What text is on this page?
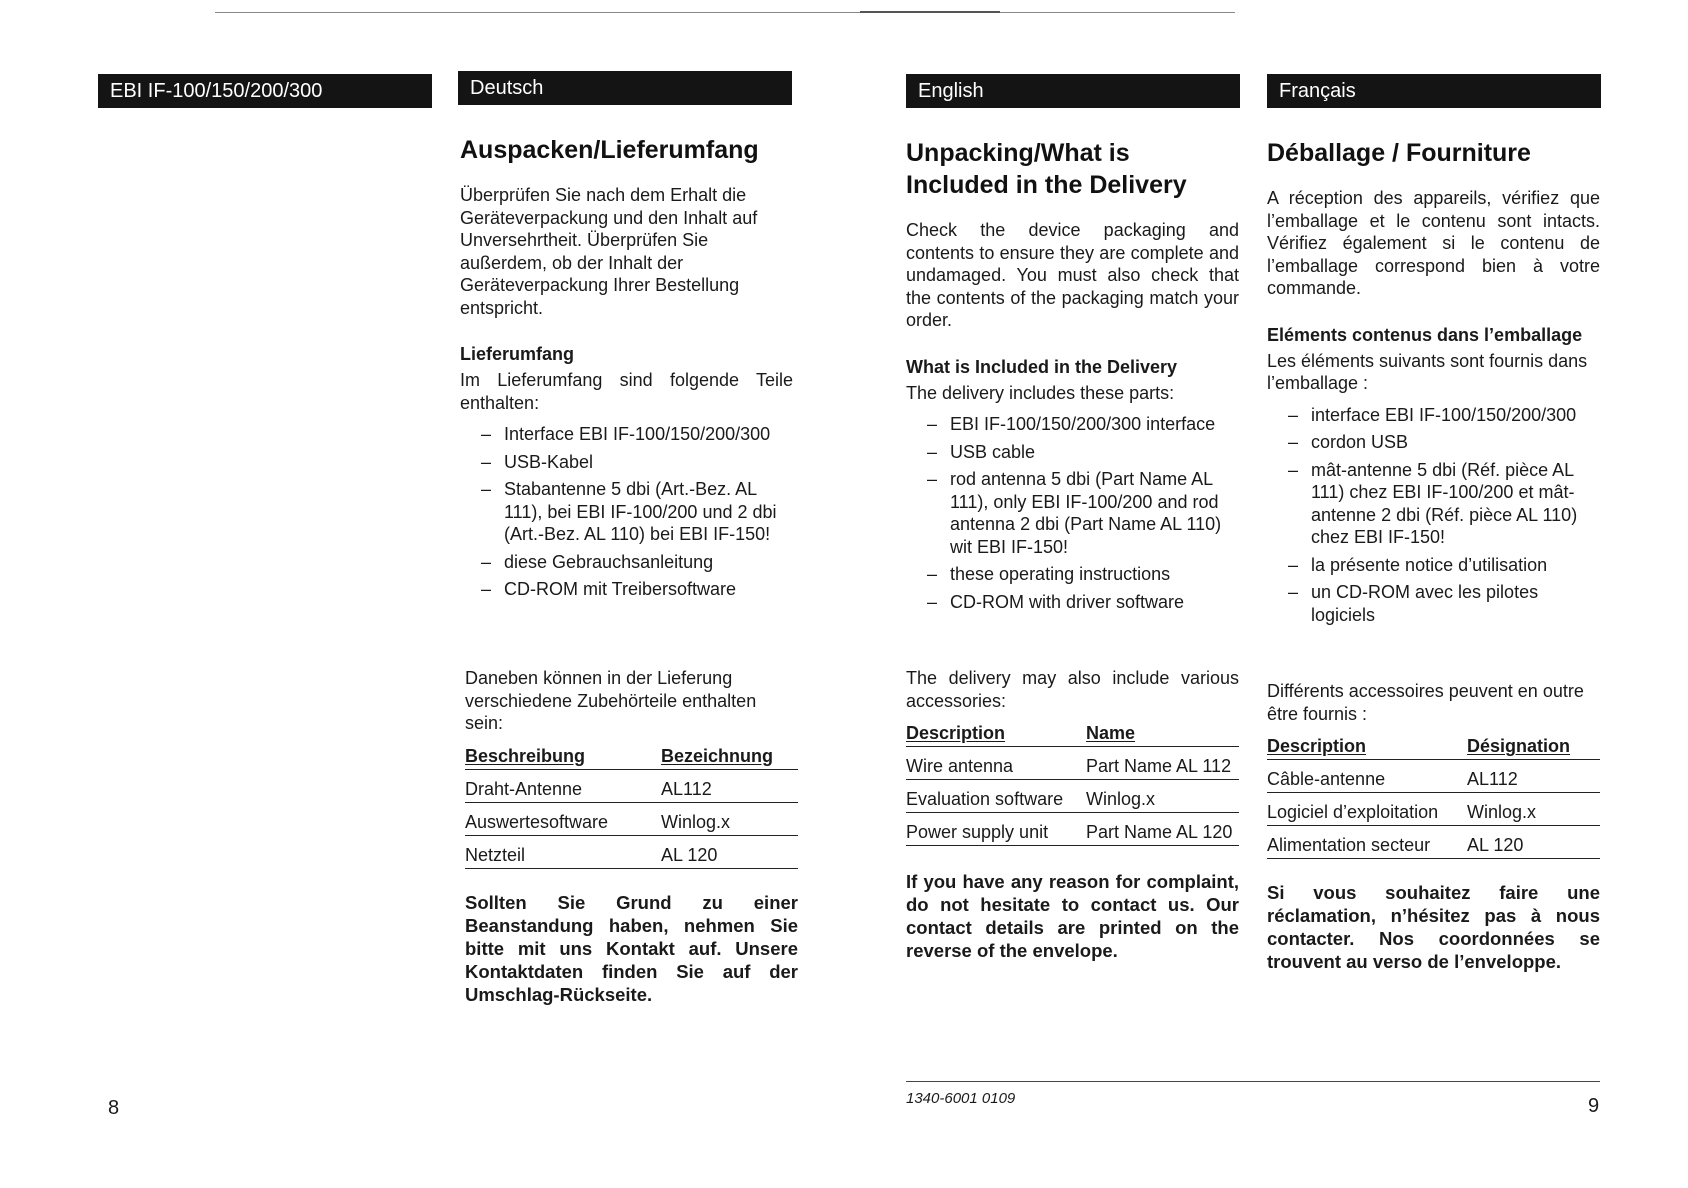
EBI IF-100/150/200/300	Deutsch	English	Français
Auspacken/Lieferumfang

Überprüfen Sie nach dem Erhalt die Geräteverpackung und den Inhalt auf Unversehrtheit. Überprüfen Sie außerdem, ob der Inhalt der Geräteverpackung Ihrer Bestellung entspricht.

Lieferumfang

Im Lieferumfang sind folgende Teile enthalten:

– Interface EBI IF-100/150/200/300
– USB-Kabel
– Stabantenne 5 dbi (Art.-Bez. AL 111), bei EBI IF-100/200 und 2 dbi (Art.-Bez. AL 110) bei EBI IF-150!
– diese Gebrauchsanleitung
– CD-ROM mit Treibersoftware

Daneben können in der Lieferung verschiedene Zubehörteile enthalten sein:

Beschreibung	Bezeichnung
Draht-Antenne	AL112
Auswertesoftware	Winlog.x
Netzteil	AL 120

Sollten Sie Grund zu einer Beanstandung haben, nehmen Sie bitte mit uns Kontakt auf. Unsere Kontaktdaten finden Sie auf der Umschlag-Rückseite.

Unpacking/What is Included in the Delivery

Check the device packaging and contents to ensure they are complete and undamaged. You must also check that the contents of the packaging match your order.

What is Included in the Delivery

The delivery includes these parts:

– EBI IF-100/150/200/300 interface
– USB cable
– rod antenna 5 dbi (Part Name AL 111), only EBI IF-100/200 and rod antenna 2 dbi (Part Name AL 110) wit EBI IF-150!
– these operating instructions
– CD-ROM with driver software

The delivery may also include various accessories:

Description	Name
Wire antenna	Part Name AL 112
Evaluation software	Winlog.x
Power supply unit	Part Name AL 120

If you have any reason for complaint, do not hesitate to contact us. Our contact details are printed on the reverse of the envelope.

Déballage / Fourniture

A réception des appareils, vérifiez que l’emballage et le contenu sont intacts. Vérifiez également si le contenu de l’emballage correspond bien à votre commande.

Eléments contenus dans l’emballage

Les éléments suivants sont fournis dans l’emballage :

– interface EBI IF-100/150/200/300
– cordon USB
– mât-antenne 5 dbi (Réf. pièce AL 111) chez EBI IF-100/200 et mât-antenne 2 dbi (Réf. pièce AL 110) chez EBI IF-150!
– la présente notice d’utilisation
– un CD-ROM avec les pilotes logiciels

Différents accessoires peuvent en outre être fournis :

Description	Désignation
Câble-antenne	AL112
Logiciel d’exploitation	Winlog.x
Alimentation secteur	AL 120

Si vous souhaitez faire une réclamation, n’hésitez pas à nous contacter. Nos coordonnées se trouvent au verso de l’enveloppe.

8	1340-6001 0109	9
